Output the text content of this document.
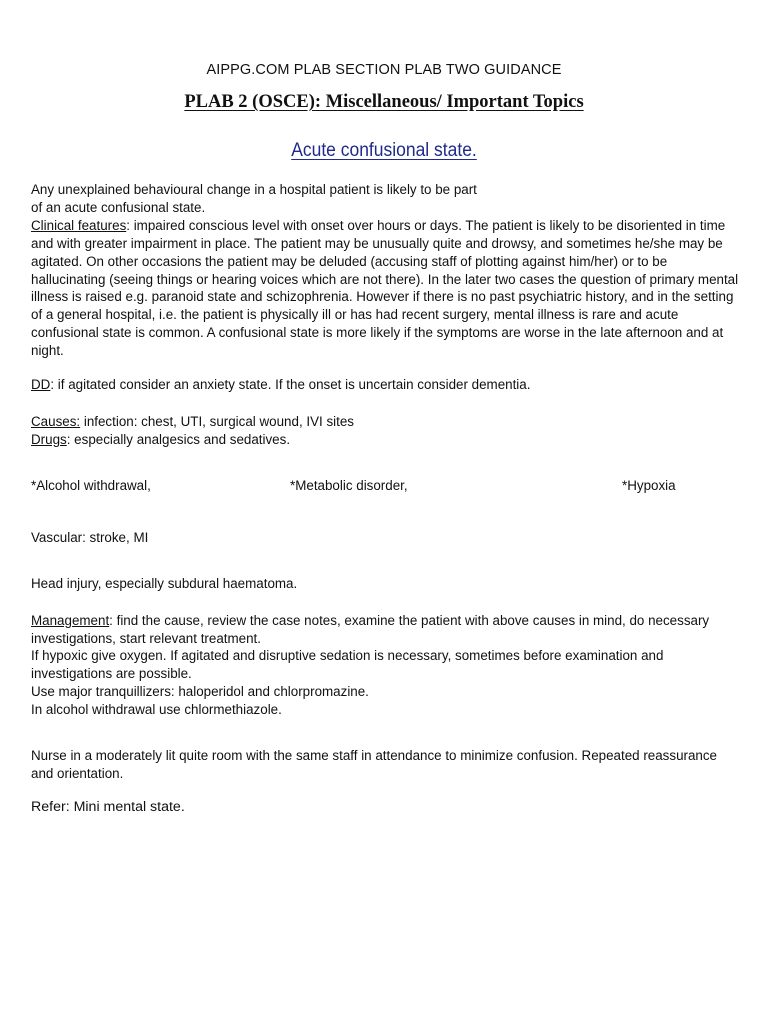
AIPPG.COM PLAB SECTION PLAB TWO GUIDANCE
PLAB 2 (OSCE): Miscellaneous/ Important Topics
Acute confusional state.

Any unexplained behavioural change in a hospital patient is likely to be part
of an acute confusional state.

Clinical features: impaired conscious level with onset over hours or days. The patient is likely to be disoriented in time and with greater impairment in place. The patient may be unusually quite and drowsy, and sometimes he/she may be agitated. On other occasions the patient may be deluded (accusing staff of plotting against him/her) or to be hallucinating (seeing things or hearing voices which are not there). In the later two cases the question of primary mental illness is raised e.g. paranoid state and schizophrenia. However if there is no past psychiatric history, and in the setting of a general hospital, i.e. the patient is physically ill or has had recent surgery, mental illness is rare and acute confusional state is common. A confusional state is more likely if the symptoms are worse in the late afternoon and at night.

DD: if agitated consider an anxiety state. If the onset is uncertain consider dementia.

Causes: infection: chest, UTI, surgical wound, IVI sites
Drugs: especially analgesics and sedatives.

*Alcohol withdrawal,	*Metabolic disorder,	*Hypoxia

Vascular: stroke, MI

Head injury, especially subdural haematoma.

Management: find the cause, review the case notes, examine the patient with above causes in mind, do necessary investigations, start relevant treatment.
If hypoxic give oxygen. If agitated and disruptive sedation is necessary, sometimes before examination and investigations are possible.
Use major tranquillizers: haloperidol and chlorpromazine.
In alcohol withdrawal use chlormethiazole.

Nurse in a moderately lit quite room with the same staff in attendance to minimize confusion. Repeated reassurance and orientation.

Refer: Mini mental state.
